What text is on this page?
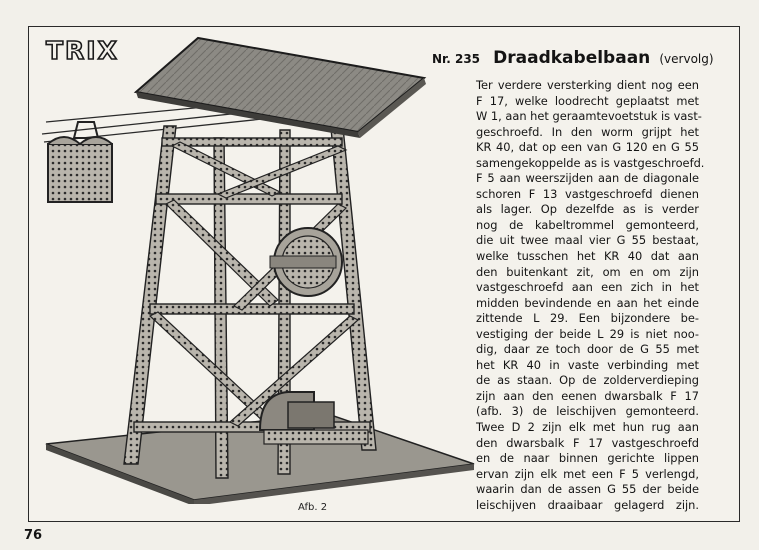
TRIX	Nr. 235 Draadkabelbaan (vervolg)
Ter verdere versterking dient nog een
F 17, welke loodrecht geplaatst met
W 1, aan het geraamtevoetstuk is vast-
geschroefd. In den worm grijpt het
KR 40, dat op een van G 120 en G 55
samengekoppelde as is vastgeschroefd.
F 5 aan weerszijden aan de diagonale
schoren F 13 vastgeschroefd dienen
als lager. Op dezelfde as is verder
nog de kabeltrommel gemonteerd,
die uit twee maal vier G 55 bestaat,
welke tusschen het KR 40 dat aan
den buitenkant zit, om en om zijn
vastgeschroefd aan een zich in het
midden bevindende en aan het einde
zittende L 29. Een bijzondere be-
vestiging der beide L 29 is niet noo-
dig, daar ze toch door de G 55 met
het KR 40 in vaste verbinding met
de as staan. Op de zolderverdieping
zijn aan den eenen dwarsbalk F 17
(afb. 3) de leischijven gemonteerd.
Twee D 2 zijn elk met hun rug aan
den dwarsbalk F 17 vastgeschroefd
en de naar binnen gerichte lippen
ervan zijn elk met een F 5 verlengd,
waarin dan de assen G 55 der beide
leischijven draaibaar gelagerd zijn.
Afb. 2
76
